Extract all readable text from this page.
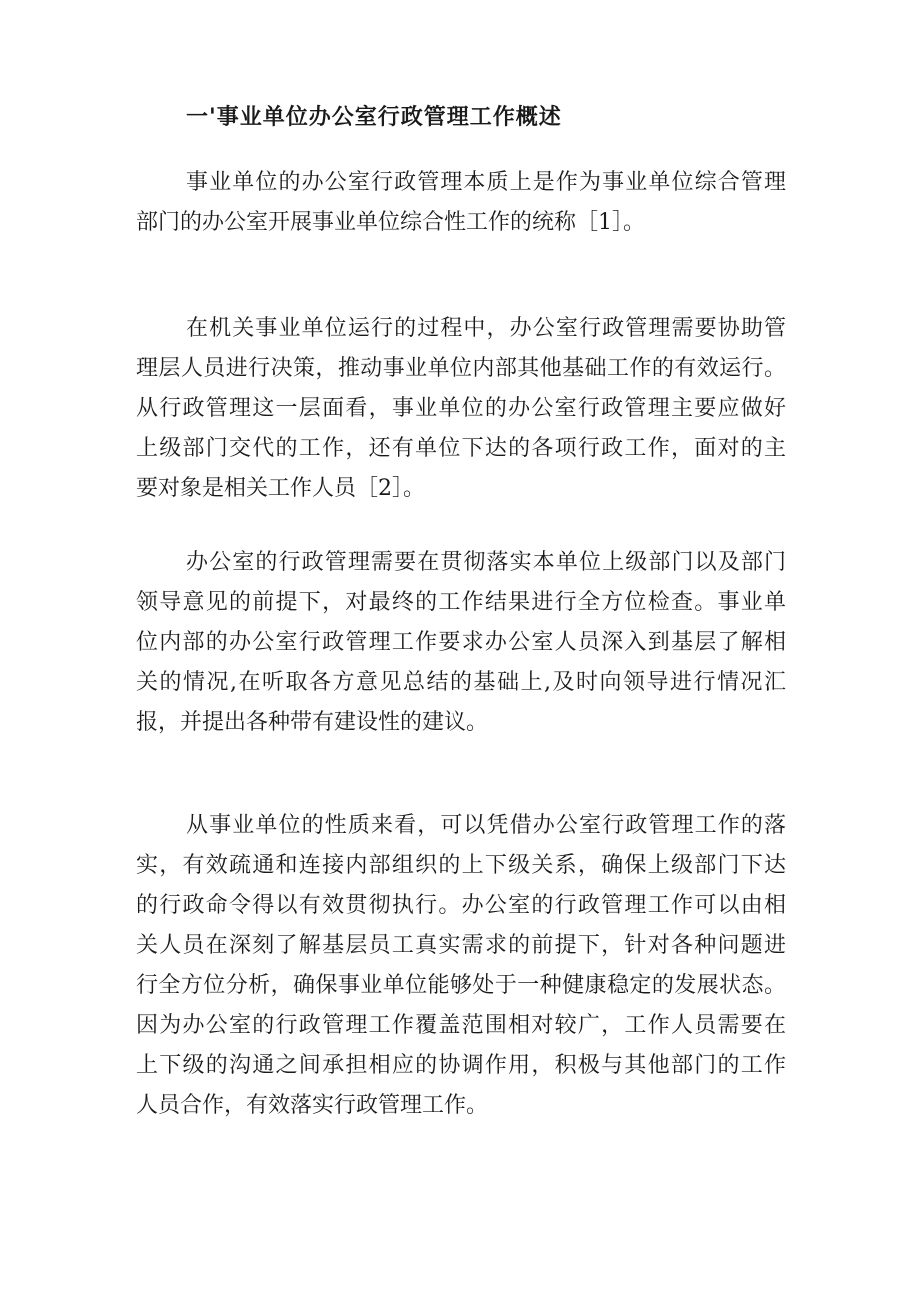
一'事业单位办公室行政管理工作概述
事业单位的办公室行政管理本质上是作为事业单位综合管理
部门的办公室开展事业单位综合性工作的统称［1］。
在机关事业单位运行的过程中，办公室行政管理需要协助管
理层人员进行决策，推动事业单位内部其他基础工作的有效运行。
从行政管理这一层面看，事业单位的办公室行政管理主要应做好
上级部门交代的工作，还有单位下达的各项行政工作，面对的主
要对象是相关工作人员［2］。
办公室的行政管理需要在贯彻落实本单位上级部门以及部门
领导意见的前提下，对最终的工作结果进行全方位检查。事业单
位内部的办公室行政管理工作要求办公室人员深入到基层了解相
关的情况,在听取各方意见总结的基础上,及时向领导进行情况汇
报，并提出各种带有建设性的建议。
从事业单位的性质来看，可以凭借办公室行政管理工作的落
实，有效疏通和连接内部组织的上下级关系，确保上级部门下达
的行政命令得以有效贯彻执行。办公室的行政管理工作可以由相
关人员在深刻了解基层员工真实需求的前提下，针对各种问题进
行全方位分析，确保事业单位能够处于一种健康稳定的发展状态。
因为办公室的行政管理工作覆盖范围相对较广，工作人员需要在
上下级的沟通之间承担相应的协调作用，积极与其他部门的工作
人员合作，有效落实行政管理工作。
